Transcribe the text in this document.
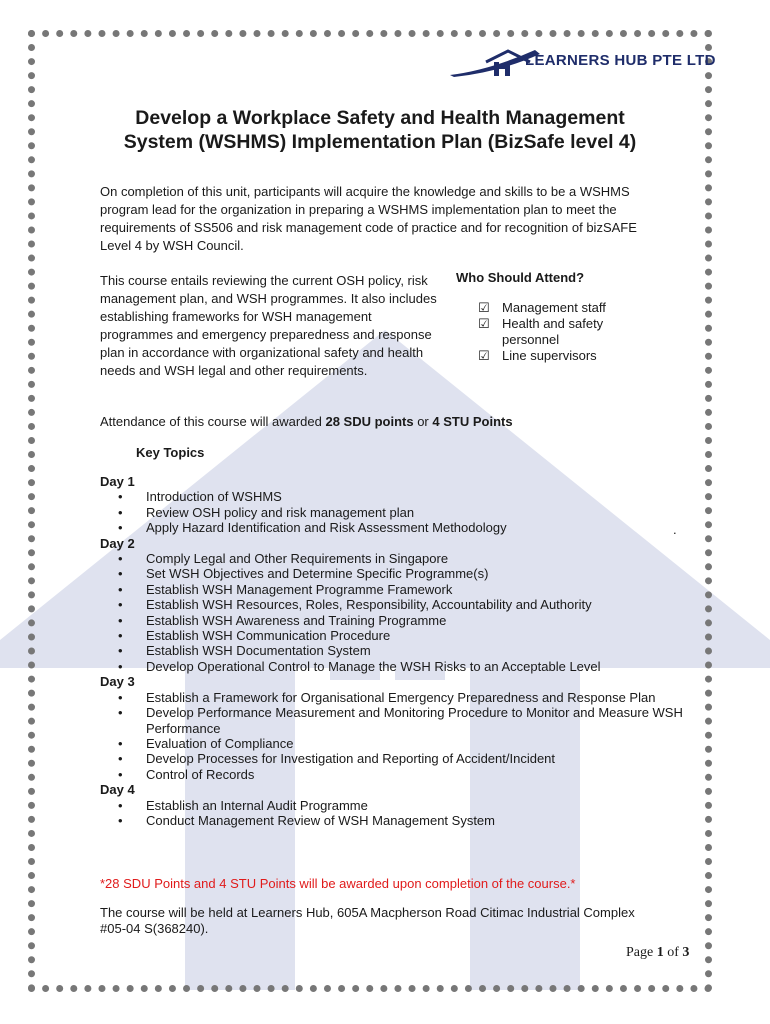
LEARNERS HUB PTE LTD
Develop a Workplace Safety and Health Management
System (WSHMS) Implementation Plan (BizSafe level 4)
On completion of this unit, participants will acquire the knowledge and skills to be a WSHMS program lead for the organization in preparing a WSHMS implementation plan to meet the requirements of SS506 and risk management code of practice and for recognition of bizSAFE Level 4 by WSH Council.
This course entails reviewing the current OSH policy, risk management plan, and WSH programmes. It also includes establishing frameworks for WSH management programmes and emergency preparedness and response plan in accordance with organizational safety and health needs and WSH legal and other requirements.
Who Should Attend?
☑ Management staff
☑ Health and safety personnel
☑ Line supervisors
Attendance of this course will awarded 28 SDU points or 4 STU Points
Key Topics
.
Day 1
•	Introduction of WSHMS
•	Review OSH policy and risk management plan
•	Apply Hazard Identification and Risk Assessment Methodology
Day 2
•	Comply Legal and Other Requirements in Singapore
•	Set WSH Objectives and Determine Specific Programme(s)
•	Establish WSH Management Programme Framework
•	Establish WSH Resources, Roles, Responsibility, Accountability and Authority
•	Establish WSH Awareness and Training Programme
•	Establish WSH Communication Procedure
•	Establish WSH Documentation System
•	Develop Operational Control to Manage the WSH Risks to an Acceptable Level
Day 3
•	Establish a Framework for Organisational Emergency Preparedness and Response Plan
•	Develop Performance Measurement and Monitoring Procedure to Monitor and Measure WSH Performance
•	Evaluation of Compliance
•	Develop Processes for Investigation and Reporting of Accident/Incident
•	Control of Records
Day 4
•	Establish an Internal Audit Programme
•	Conduct Management Review of WSH Management System
*28 SDU Points and 4 STU Points will be awarded upon completion of the course.*
The course will be held at Learners Hub, 605A Macpherson Road Citimac Industrial Complex #05-04 S(368240).
Page 1 of 3
